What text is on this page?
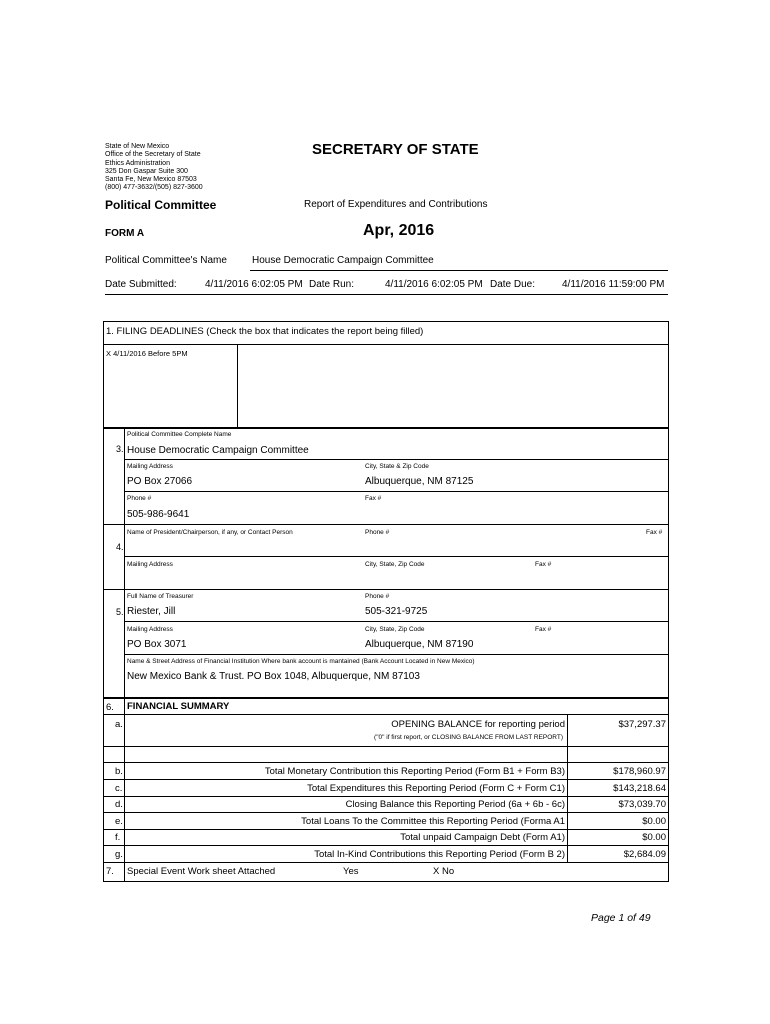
State of New Mexico
Office of the Secretary of State
Ethics Administration
325 Don Gaspar Suite 300
Santa Fe, New Mexico 87503
(800) 477-3632/(505) 827-3600
SECRETARY OF STATE
Political Committee	Report of Expenditures and Contributions
FORM A	Apr, 2016
Political Committee's Name	House Democratic Campaign Committee
Date Submitted:	4/11/2016 6:02:05 PM Date Run:	4/11/2016 6:02:05 PM Date Due:	4/11/2016 11:59:00 PM
1. FILING DEADLINES (Check the box that indicates the report being filled)
X 4/11/2016 Before 5PM
3.
Political Committee Complete Name
House Democratic Campaign Committee
Mailing Address	City, State & Zip Code
PO Box 27066	Albuquerque, NM 87125
Phone #	Fax #
505-986-9641
4.
Name of President/Chairperson, if any, or Contact Person	Phone #	Fax #
Mailing Address	City, State, Zip Code	Fax #
5.
Full Name of Treasurer	Phone #
Riester, Jill	505-321-9725
Mailing Address	City, State, Zip Code	Fax #
PO Box 3071	Albuquerque, NM 87190
Name & Street Address of Financial Institution Where bank account is mantained (Bank Account Located in New Mexico)
New Mexico Bank & Trust. PO Box 1048, Albuquerque, NM 87103
6. FINANCIAL SUMMARY
a.	OPENING BALANCE for reporting period	$37,297.37
("0" if first report, or CLOSING BALANCE FROM LAST REPORT)
b.	Total Monetary Contribution this Reporting Period (Form B1 + Form B3)	$178,960.97
c.	Total Expenditures this Reporting Period (Form C + Form C1)	$143,218.64
d.	Closing Balance this Reporting Period (6a + 6b - 6c)	$73,039.70
e.	Total Loans To the Committee this Reporting Period (Forma A1	$0.00
f.	Total unpaid Campaign Debt (Form A1)	$0.00
g.	Total In-Kind Contributions this Reporting Period (Form B 2)	$2,684.09
7. Special Event Work sheet Attached	Yes	X No
Page 1 of 49
